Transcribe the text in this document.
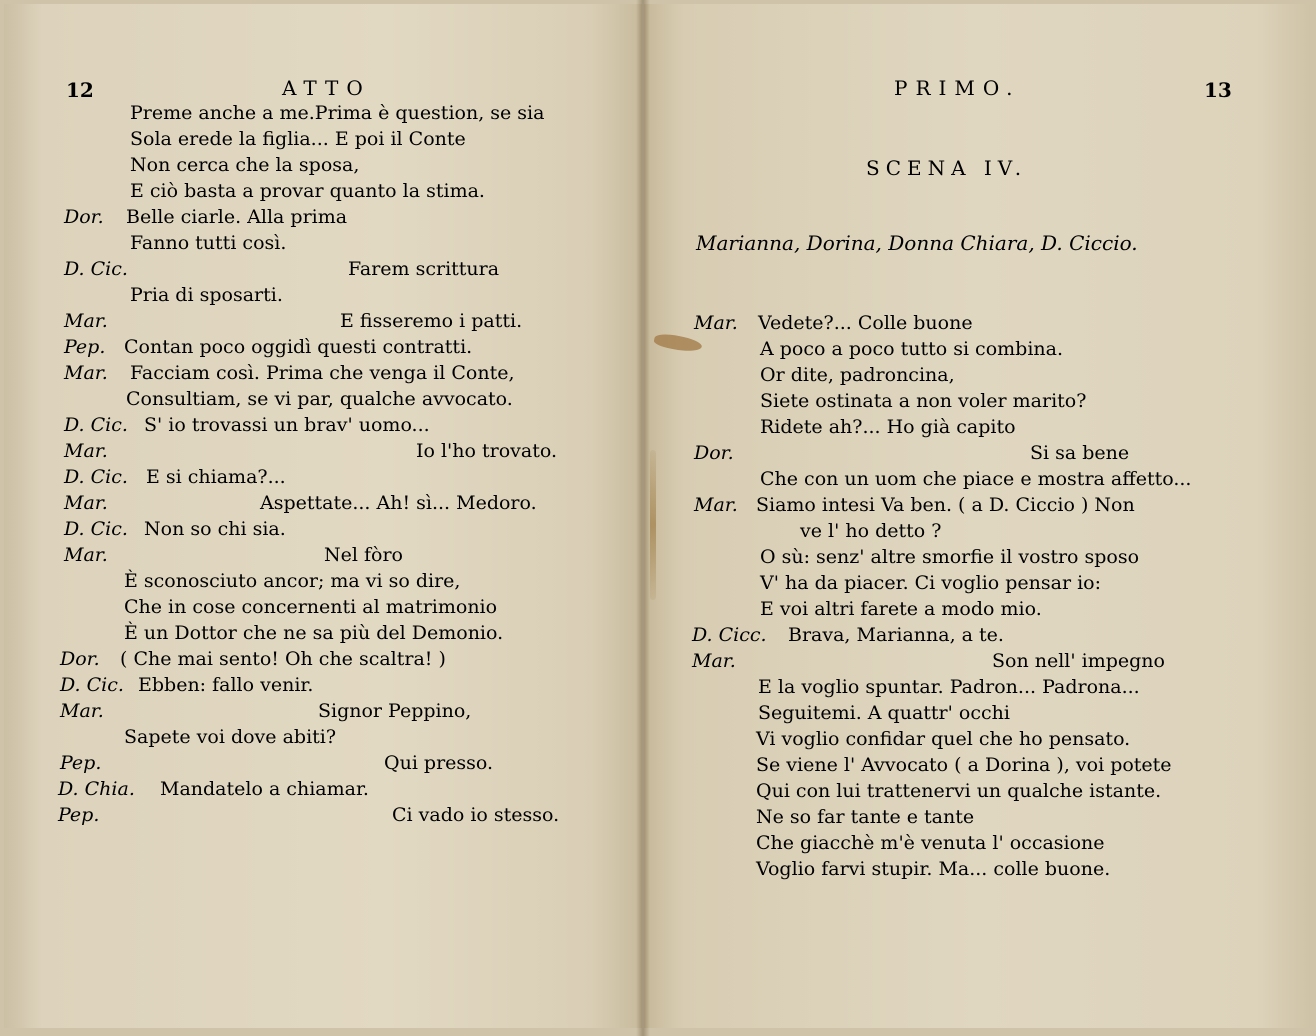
12	ATTO	PRIMO.	13
SCENA IV.
Marianna, Dorina, Donna Chiara, D. Ciccio.
Preme anche a me.Prima è question, se sia
Sola erede la figlia... E poi il Conte
Non cerca che la sposa,
E ciò basta a provar quanto la stima.
Dor. Belle ciarle. Alla prima
Fanno tutti così.
D. Cic.	Farem scrittura
Pria di sposarti.
Mar.	E fisseremo i patti.
Pep. Contan poco oggidì questi contratti.
Mar. Facciam così. Prima che venga il Conte,
Consultiam, se vi par, qualche avvocato.
D. Cic. S' io trovassi un brav' uomo...
Mar.	Io l'ho trovato.
D. Cic. E si chiama?...
Mar.	Aspettate... Ah! sì... Medoro.
D. Cic. Non so chi sia.
Mar.	Nel fòro
È sconosciuto ancor; ma vi so dire,
Che in cose concernenti al matrimonio
È un Dottor che ne sa più del Demonio.
Dor. ( Che mai sento! Oh che scaltra! )
D. Cic. Ebben: fallo venir.
Mar.	Signor Peppino,
Sapete voi dove abiti?
Pep.	Qui presso.
D. Chia. Mandatelo a chiamar.
Pep.	Ci vado io stesso.
Mar. Vedete?... Colle buone
A poco a poco tutto si combina.
Or dite, padroncina,
Siete ostinata a non voler marito?
Ridete ah?... Ho già capito
Dor.	Si sa bene
Che con un uom che piace e mostra affetto...
Mar. Siamo intesi Va ben. ( a D. Ciccio ) Non
ve l' ho detto ?
O sù: senz' altre smorfie il vostro sposo
V' ha da piacer. Ci voglio pensar io:
E voi altri farete a modo mio.
D. Cicc. Brava, Marianna, a te.
Mar.	Son nell' impegno
E la voglio spuntar. Padron... Padrona...
Seguitemi. A quattr' occhi
Vi voglio confidar quel che ho pensato.
Se viene l' Avvocato ( a Dorina ), voi potete
Qui con lui trattenervi un qualche istante.
Ne so far tante e tante
Che giacchè m'è venuta l' occasione
Voglio farvi stupir. Ma... colle buone.
